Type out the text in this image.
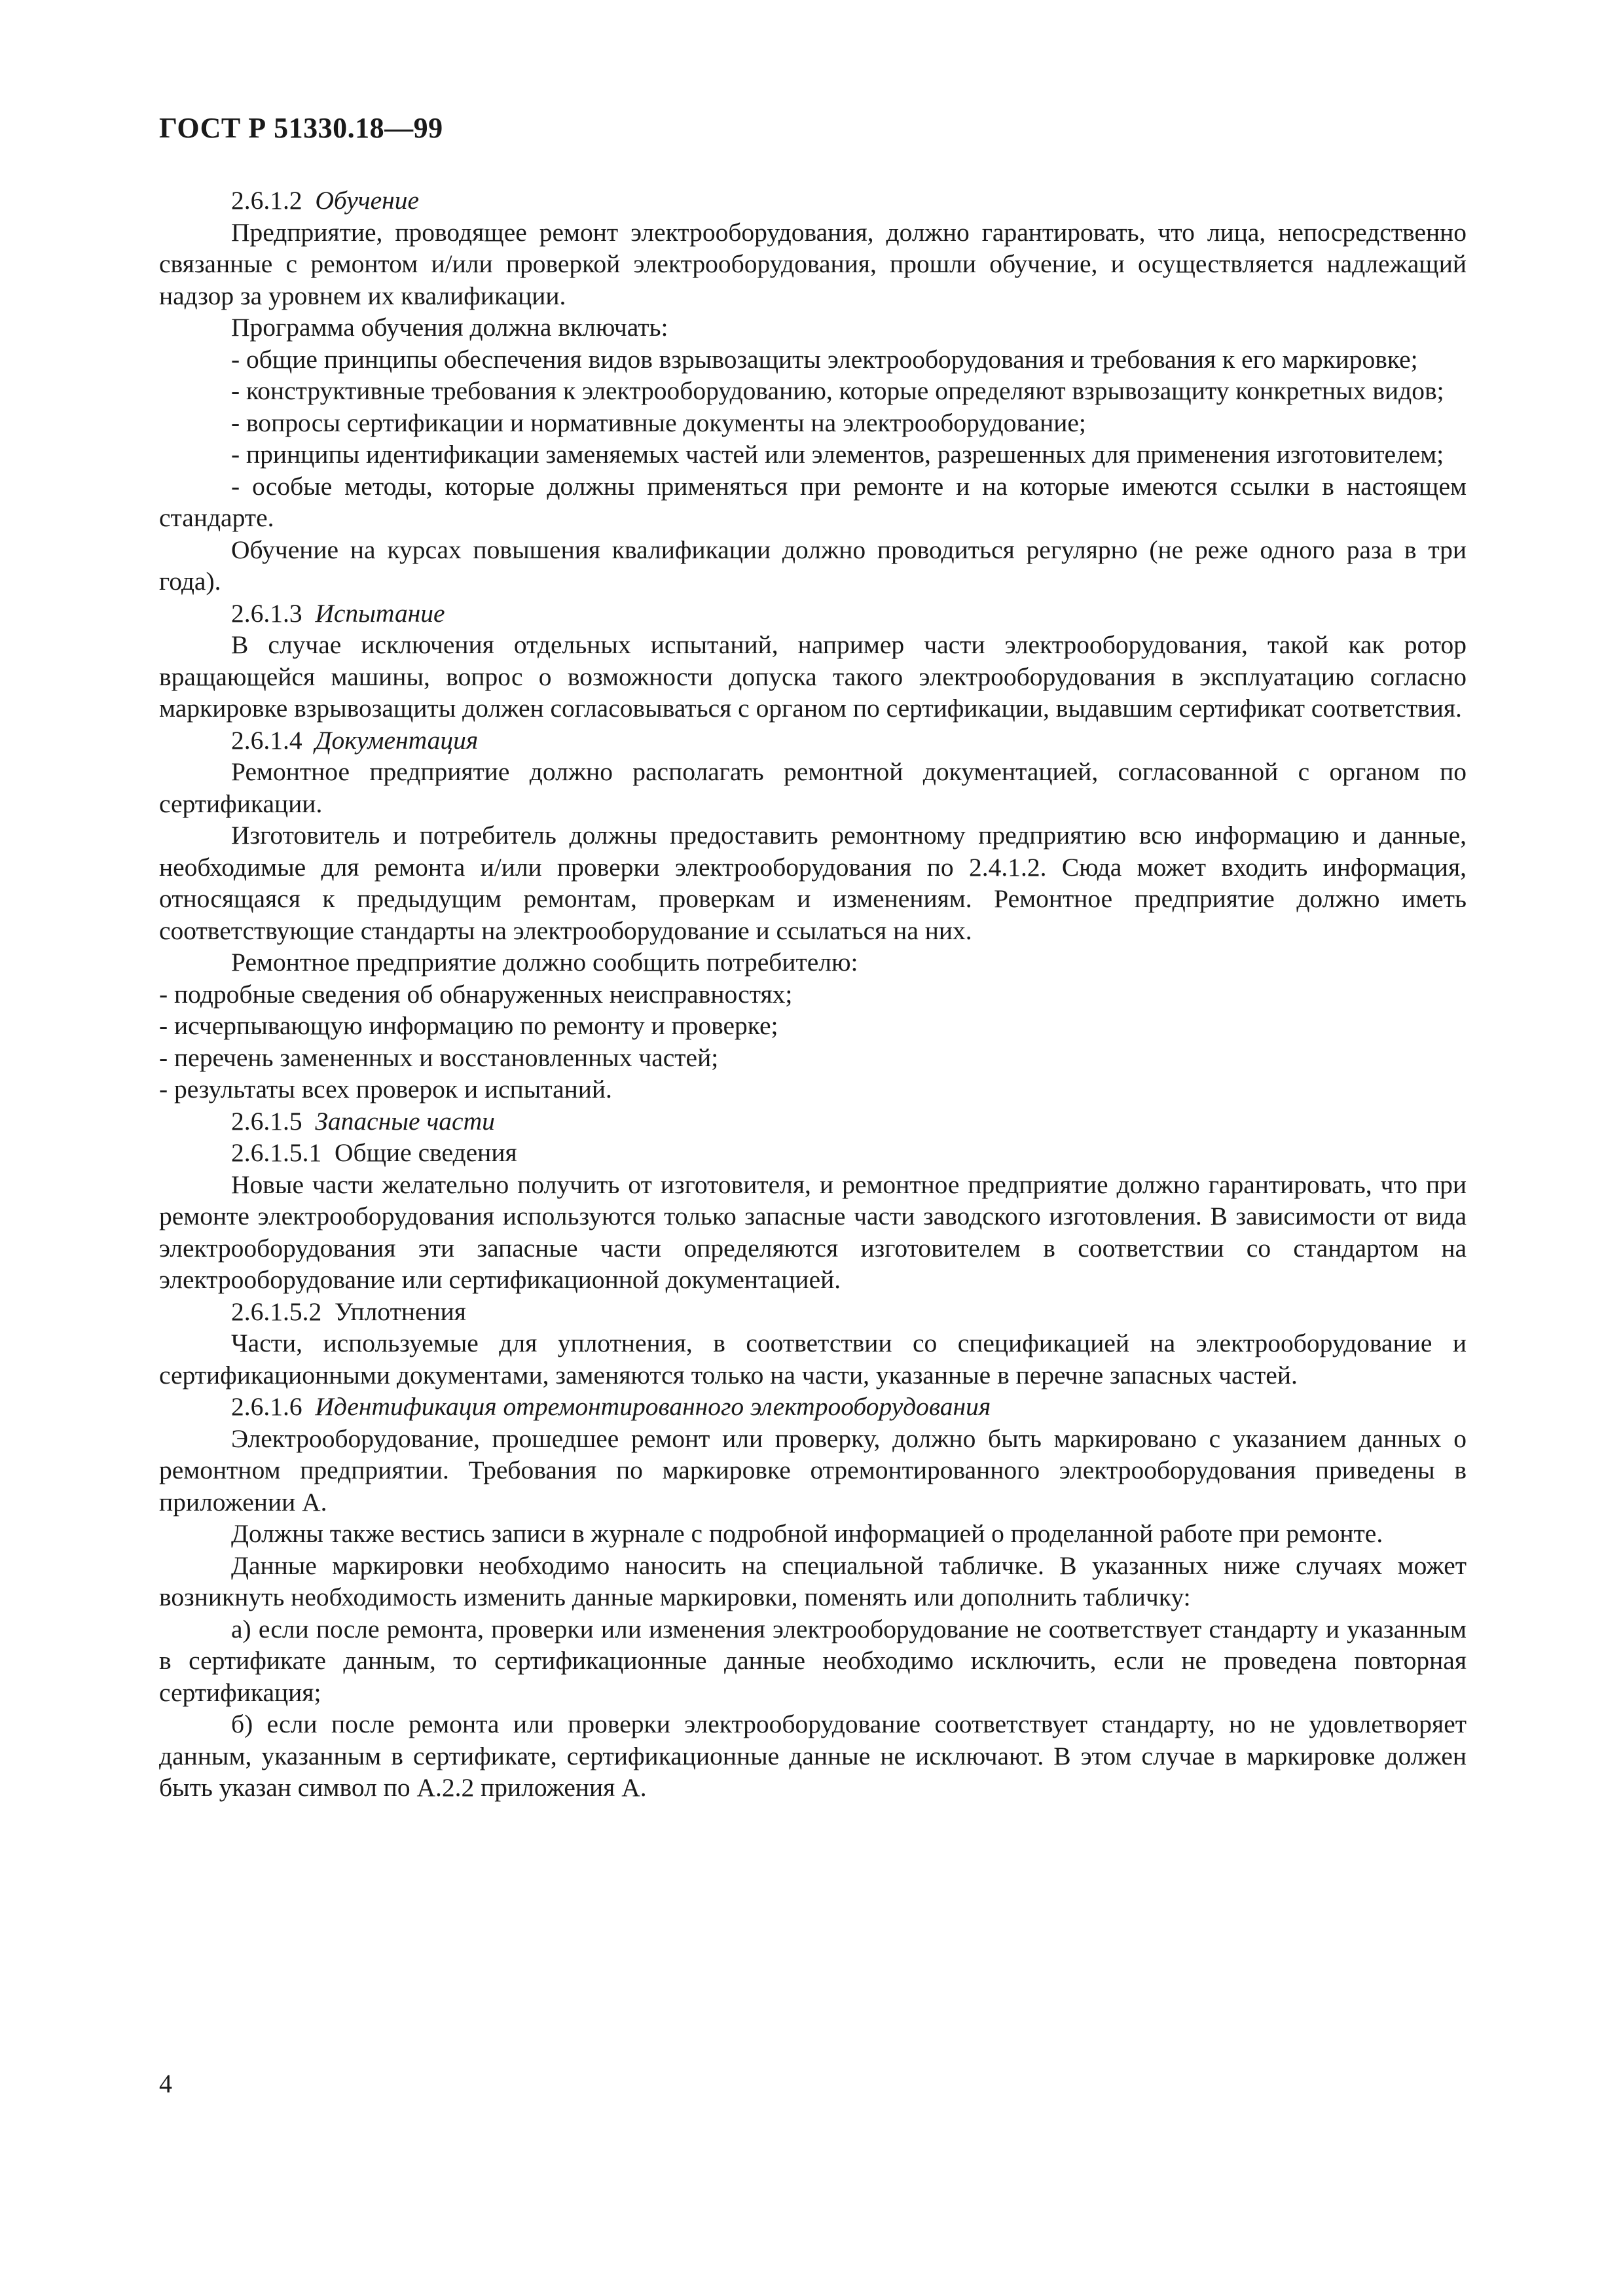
ГОСТ Р 51330.18—99

2.6.1.2 Обучение

Предприятие, проводящее ремонт электрооборудования, должно гарантировать, что лица, непосредственно связанные с ремонтом и/или проверкой электрооборудования, прошли обучение, и осуществляется надлежащий надзор за уровнем их квалификации.

Программа обучения должна включать:

- общие принципы обеспечения видов взрывозащиты электрооборудования и требования к его маркировке;

- конструктивные требования к электрооборудованию, которые определяют взрывозащиту конкретных видов;

- вопросы сертификации и нормативные документы на электрооборудование;

- принципы идентификации заменяемых частей или элементов, разрешенных для применения изготовителем;

- особые методы, которые должны применяться при ремонте и на которые имеются ссылки в настоящем стандарте.

Обучение на курсах повышения квалификации должно проводиться регулярно (не реже одного раза в три года).

2.6.1.3 Испытание

В случае исключения отдельных испытаний, например части электрооборудования, такой как ротор вращающейся машины, вопрос о возможности допуска такого электрооборудования в эксплуатацию согласно маркировке взрывозащиты должен согласовываться с органом по сертификации, выдавшим сертификат соответствия.

2.6.1.4 Документация

Ремонтное предприятие должно располагать ремонтной документацией, согласованной с органом по сертификации.

Изготовитель и потребитель должны предоставить ремонтному предприятию всю информацию и данные, необходимые для ремонта и/или проверки электрооборудования по 2.4.1.2. Сюда может входить информация, относящаяся к предыдущим ремонтам, проверкам и изменениям. Ремонтное предприятие должно иметь соответствующие стандарты на электрооборудование и ссылаться на них.

Ремонтное предприятие должно сообщить потребителю:

- подробные сведения об обнаруженных неисправностях;

- исчерпывающую информацию по ремонту и проверке;

- перечень замененных и восстановленных частей;

- результаты всех проверок и испытаний.

2.6.1.5 Запасные части

2.6.1.5.1 Общие сведения

Новые части желательно получить от изготовителя, и ремонтное предприятие должно гарантировать, что при ремонте электрооборудования используются только запасные части заводского изготовления. В зависимости от вида электрооборудования эти запасные части определяются изготовителем в соответствии со стандартом на электрооборудование или сертификационной документацией.

2.6.1.5.2 Уплотнения

Части, используемые для уплотнения, в соответствии со спецификацией на электрооборудование и сертификационными документами, заменяются только на части, указанные в перечне запасных частей.

2.6.1.6 Идентификация отремонтированного электрооборудования

Электрооборудование, прошедшее ремонт или проверку, должно быть маркировано с указанием данных о ремонтном предприятии. Требования по маркировке отремонтированного электрооборудования приведены в приложении А.

Должны также вестись записи в журнале с подробной информацией о проделанной работе при ремонте.

Данные маркировки необходимо наносить на специальной табличке. В указанных ниже случаях может возникнуть необходимость изменить данные маркировки, поменять или дополнить табличку:

а) если после ремонта, проверки или изменения электрооборудование не соответствует стандарту и указанным в сертификате данным, то сертификационные данные необходимо исключить, если не проведена повторная сертификация;

б) если после ремонта или проверки электрооборудование соответствует стандарту, но не удовлетворяет данным, указанным в сертификате, сертификационные данные не исключают. В этом случае в маркировке должен быть указан символ по А.2.2 приложения А.

4
